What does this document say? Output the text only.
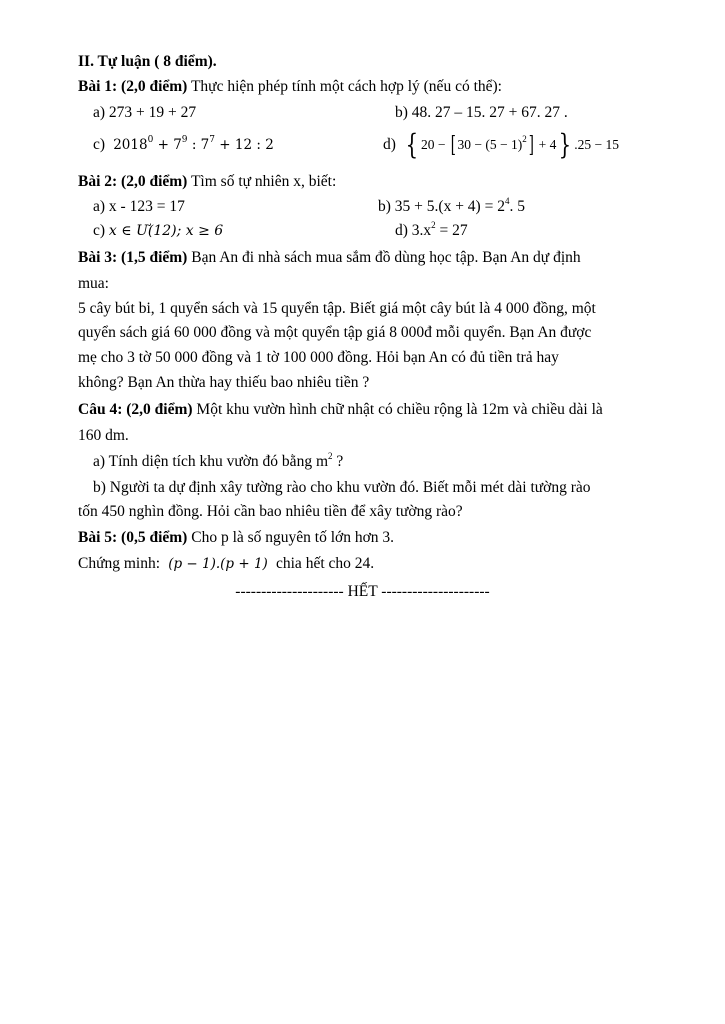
II. Tự luận ( 8 điểm).
Bài 1: (2,0 điểm) Thực hiện phép tính một cách hợp lý (nếu có thể):
a) 273 + 19 + 27	b) 48. 27 – 15. 27 + 67. 27 .
c)  $2018^0 + 7^9$ : $7^7 + 12$ : 2	d) { 20 − [ $30 - (5 - 1)^2] + 4$} .25 − 15
Bài 2: (2,0 điểm) Tìm số tự nhiên x, biết:
a) x - 123 = 17	b) $35 + 5.(x + 4) = 2^4$. 5
c) 𝑥 ∈ Ư(12); 𝑥 ≥ 6	d) $3.x^2 = 27$
Bài 3: (1,5 điểm) Bạn An đi nhà sách mua sắm đồ dùng học tập. Bạn An dự định
mua:
5 cây bút bi, 1 quyển sách và 15 quyển tập. Biết giá một cây bút là 4 000 đồng, một
quyển sách giá 60 000 đồng và một quyển tập giá 8 000đ mỗi quyển. Bạn An được
mẹ cho 3 tờ 50 000 đồng và 1 tờ 100 000 đồng. Hỏi bạn An có đủ tiền trả hay
không? Bạn An thừa hay thiếu bao nhiêu tiền ?
Câu 4: (2,0 điểm) Một khu vườn hình chữ nhật có chiều rộng là 12m và chiều dài là
160 dm.
a) Tính diện tích khu vườn đó bằng $m^2$ ?
b) Người ta dự định xây tường rào cho khu vườn đó. Biết mỗi mét dài tường rào
tốn 450 nghìn đồng. Hỏi cần bao nhiêu tiền để xây tường rào?
Bài 5: (0,5 điểm) Cho p là số nguyên tố lớn hơn 3.
Chứng minh:  (p − 1).(p + 1)  chia hết cho 24.
--------------------- HẾT ---------------------
